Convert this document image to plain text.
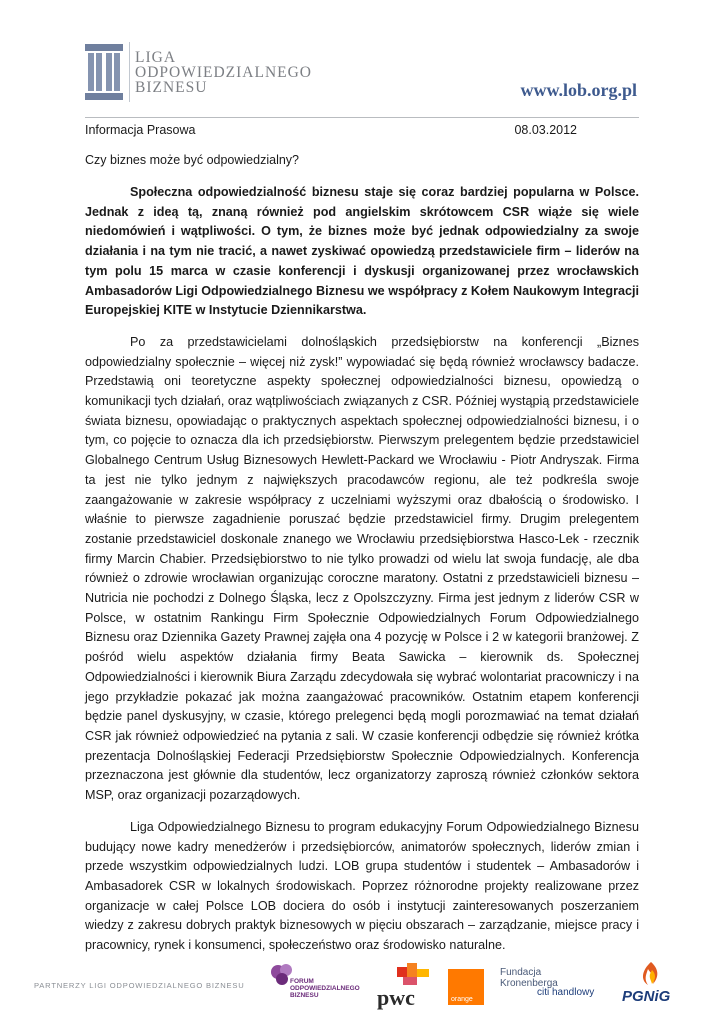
LIGA
ODPOWIEDZIALNEGO
BIZNESU	www.lob.org.pl
Informacja Prasowa	08.03.2012
Czy biznes może być odpowiedzialny?

Społeczna odpowiedzialność biznesu staje się coraz bardziej popularna w Polsce. Jednak z ideą tą, znaną również pod angielskim skrótowcem CSR wiąże się wiele niedomówień i wątpliwości. O tym, że biznes może być jednak odpowiedzialny za swoje działania i na tym nie tracić, a nawet zyskiwać opowiedzą przedstawiciele firm – liderów na tym polu 15 marca w czasie konferencji i dyskusji organizowanej przez wrocławskich Ambasadorów Ligi Odpowiedzialnego Biznesu we współpracy z Kołem Naukowym Integracji Europejskiej KITE w Instytucie Dziennikarstwa.

Po za przedstawicielami dolnośląskich przedsiębiorstw na konferencji „Biznes odpowiedzialny społecznie – więcej niż zysk!” wypowiadać się będą również wrocławscy badacze. Przedstawią oni teoretyczne aspekty społecznej odpowiedzialności biznesu, opowiedzą o komunikacji tych działań, oraz wątpliwościach związanych z CSR. Później wystąpią przedstawiciele świata biznesu, opowiadając o praktycznych aspektach społecznej odpowiedzialności biznesu, i o tym, co pojęcie to oznacza dla ich przedsiębiorstw. Pierwszym prelegentem będzie przedstawiciel Globalnego Centrum Usług Biznesowych Hewlett-Packard we Wrocławiu - Piotr Andryszak. Firma ta jest nie tylko jednym z największych pracodawców regionu, ale też podkreśla swoje zaangażowanie w zakresie współpracy z uczelniami wyższymi oraz dbałością o środowisko. I właśnie to pierwsze zagadnienie poruszać będzie przedstawiciel firmy. Drugim prelegentem zostanie przedstawiciel doskonale znanego we Wrocławiu przedsiębiorstwa Hasco-Lek - rzecznik firmy Marcin Chabier. Przedsiębiorstwo to nie tylko prowadzi od wielu lat swoja fundację, ale dba również o zdrowie wrocławian organizując coroczne maratony. Ostatni z przedstawicieli biznesu – Nutricia nie pochodzi z Dolnego Śląska, lecz z Opolszczyzny. Firma jest jednym z liderów CSR w Polsce, w ostatnim Rankingu Firm Społecznie Odpowiedzialnych Forum Odpowiedzialnego Biznesu oraz Dziennika Gazety Prawnej zajęła ona 4 pozycję w Polsce i 2 w kategorii branżowej. Z pośród wielu aspektów działania firmy Beata Sawicka – kierownik ds. Społecznej Odpowiedzialności i kierownik Biura Zarządu zdecydowała się wybrać wolontariat pracowniczy i na jego przykładzie pokazać jak można zaangażować pracowników. Ostatnim etapem konferencji będzie panel dyskusyjny, w czasie, którego prelegenci będą mogli porozmawiać na temat działań CSR jak również odpowiedzieć na pytania z sali. W czasie konferencji odbędzie się również krótka prezentacja Dolnośląskiej Federacji Przedsiębiorstw Społecznie Odpowiedzialnych. Konferencja przeznaczona jest głównie dla studentów, lecz organizatorzy zaproszą również członków sektora MSP, oraz organizacji pozarządowych.

Liga Odpowiedzialnego Biznesu to program edukacyjny Forum Odpowiedzialnego Biznesu budujący nowe kadry menedżerów i przedsiębiorców, animatorów społecznych, liderów zmian i przede wszystkim odpowiedzialnych ludzi. LOB grupa studentów i studentek – Ambasadorów i Ambasadorek CSR w lokalnych środowiskach. Poprzez różnorodne projekty realizowane przez organizacje w całej Polsce LOB dociera do osób i instytucji zainteresowanych poszerzaniem wiedzy z zakresu dobrych praktyk biznesowych w pięciu obszarach – zarządzanie, miejsce pracy i pracownicy, rynek i konsumenci, społeczeństwo oraz środowisko naturalne.

PARTNERZY LIGI ODPOWIEDZIALNEGO BIZNESU	FORUM
ODPOWIEDZIALNEGO
BIZNESU	pwc	orange
Fundacja Kronenberga
citi handlowy PGNiG
